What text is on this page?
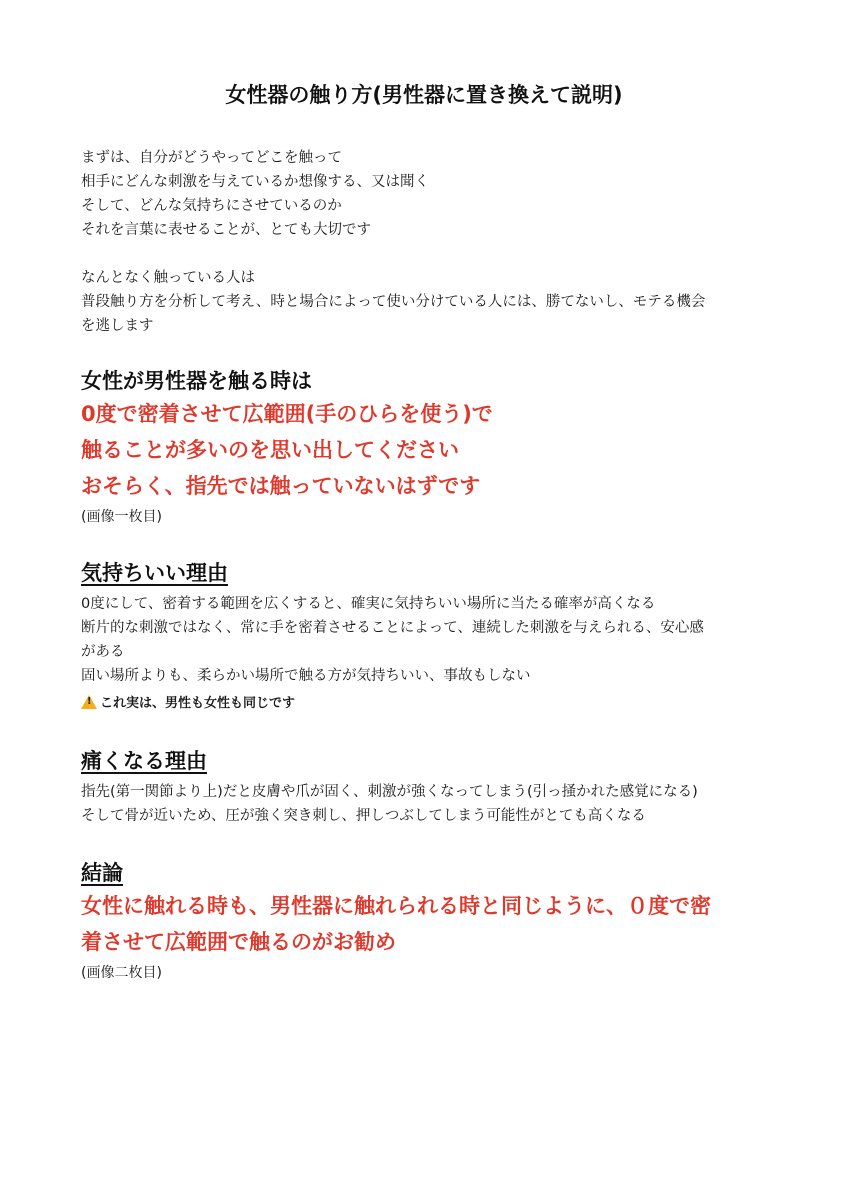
女性器の触り方(男性器に置き換えて説明)

まずは、自分がどうやってどこを触って

相手にどんな刺激を与えているか想像する、又は聞く

そして、どんな気持ちにさせているのか

それを言葉に表せることが、とても大切です

なんとなく触っている人は

普段触り方を分析して考え、時と場合によって使い分けている人には、勝てないし、モテる機会

を逃します

女性が男性器を触る時は

0度で密着させて広範囲(手のひらを使う)で

触ることが多いのを思い出してください

おそらく、指先では触っていないはずです

(画像一枚目)
気持ちいい理由

0度にして、密着する範囲を広くすると、確実に気持ちいい場所に当たる確率が高くなる

断片的な刺激ではなく、常に手を密着させることによって、連続した刺激を与えられる、安心感

がある

固い場所よりも、柔らかい場所で触る方が気持ちいい、事故もしない

!これ実は、男性も女性も同じです
痛くなる理由

指先(第一関節より上)だと皮膚や爪が固く、刺激が強くなってしまう(引っ掻かれた感覚になる)

そして骨が近いため、圧が強く突き刺し、押しつぶしてしまう可能性がとても高くなる

結論

女性に触れる時も、男性器に触れられる時と同じように、０度で密

着させて広範囲で触るのがお勧め

(画像二枚目)
